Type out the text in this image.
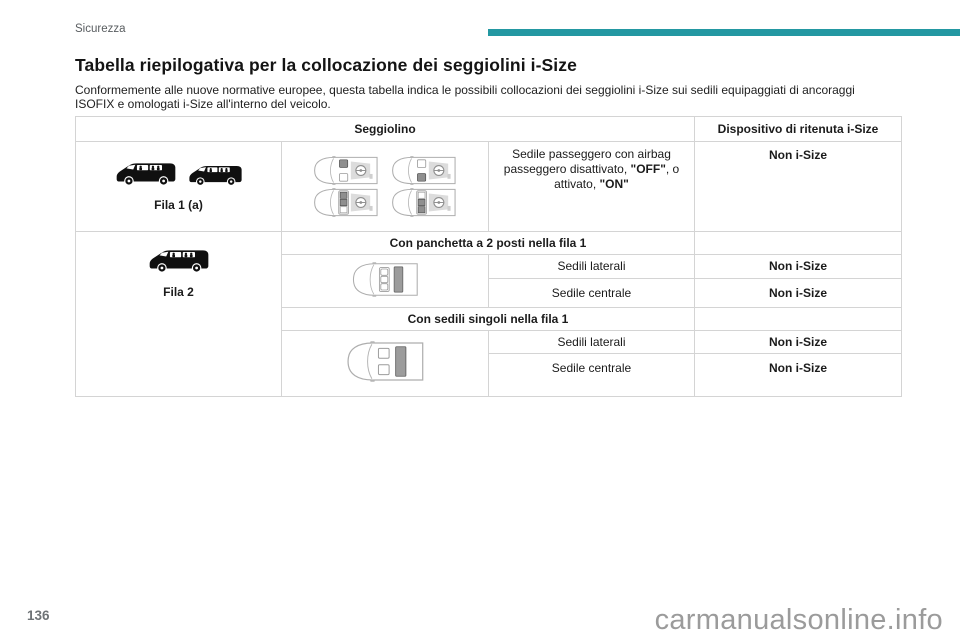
Sicurezza
Tabella riepilogativa per la collocazione dei seggiolini i-Size

Conformemente alle nuove normative europee, questa tabella indica le possibili collocazioni dei seggiolini i-Size sui sedili equipaggiati di ancoraggi
ISOFIX e omologati i-Size all'interno del veicolo.

Seggiolino			Dispositivo di ritenuta i-Size

Fila 1 (a)		Sedile passeggero con airbag passeggero disattivato, "OFF", o attivato, "ON"	Non i-Size

Fila 2	Con panchetta a 2 posti nella fila 1		
	Sedili laterali	Non i-Size
		Sedile centrale	Non i-Size
	Con sedili singoli nella fila 1		
	Sedili laterali	Non i-Size
		Sedile centrale	Non i-Size
136	carmanualsonline.info
